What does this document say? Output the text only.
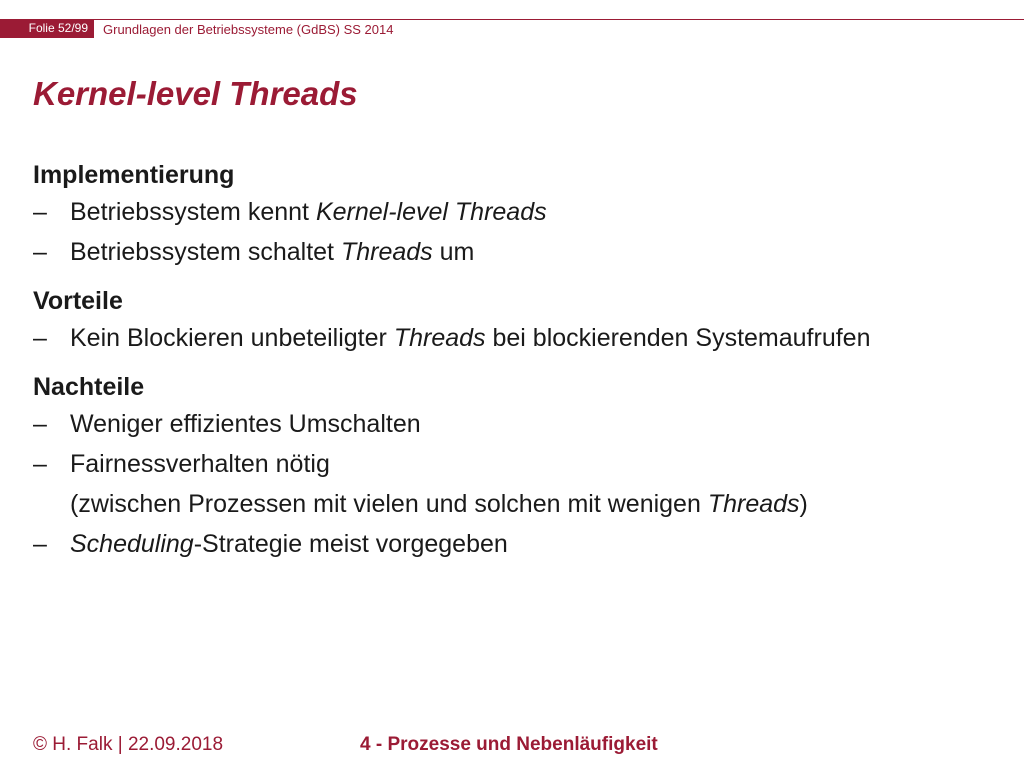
Folie 52/99	Grundlagen der Betriebssysteme (GdBS) SS 2014
Kernel-level Threads
Implementierung
– Betriebssystem kennt Kernel-level Threads
– Betriebssystem schaltet Threads um
Vorteile
– Kein Blockieren unbeteiligter Threads bei blockierenden Systemaufrufen
Nachteile
– Weniger effizientes Umschalten
– Fairnessverhalten nötig
(zwischen Prozessen mit vielen und solchen mit wenigen Threads)
– Scheduling-Strategie meist vorgegeben
© H. Falk | 22.09.2018	4 - Prozesse und Nebenläufigkeit
